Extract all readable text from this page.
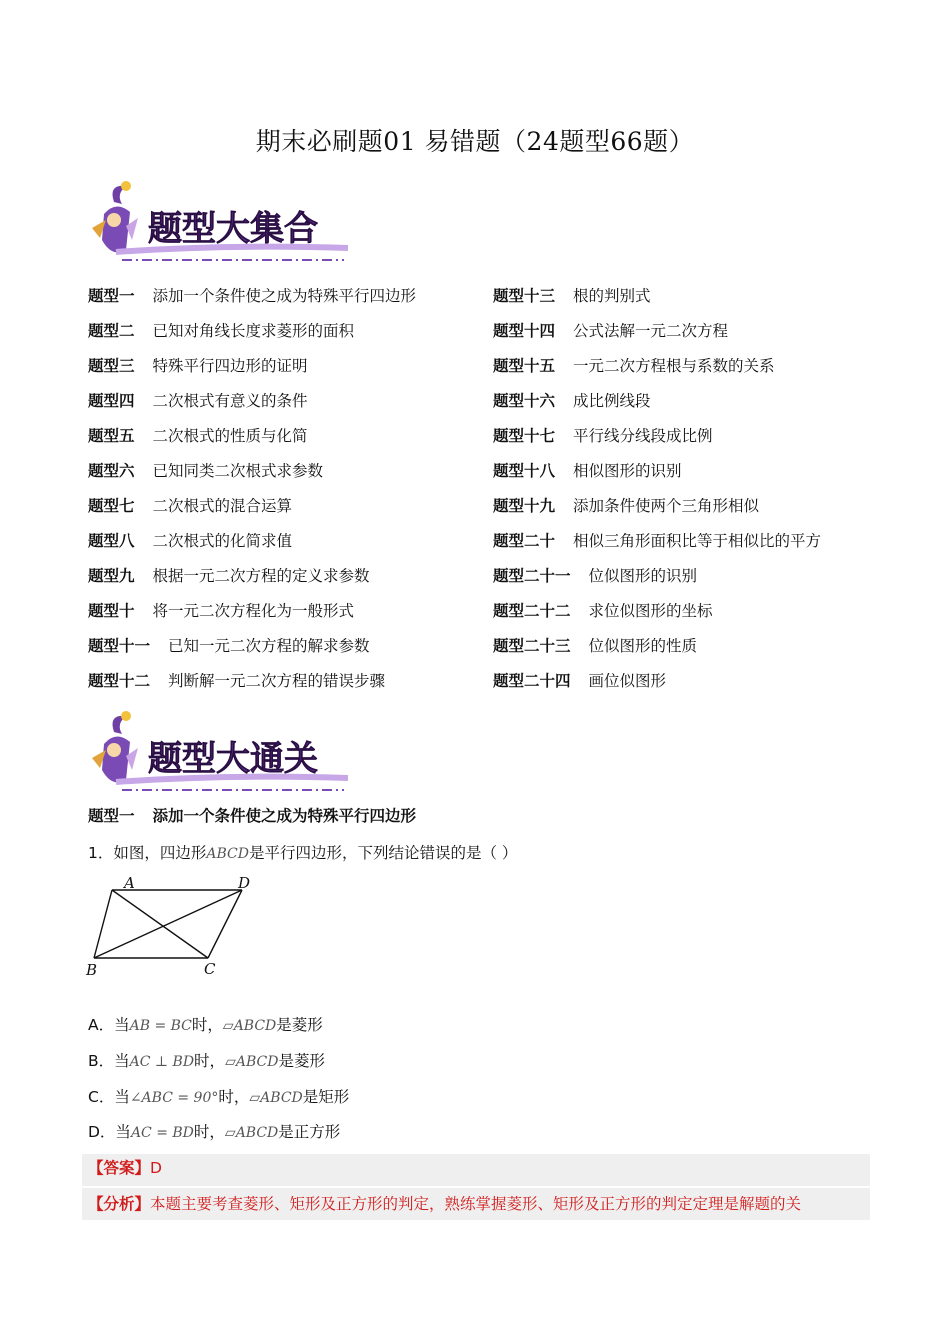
期末必刷题01 易错题（24题型66题）
题型大集合
题型一 添加一个条件使之成为特殊平行四边形
题型二 已知对角线长度求菱形的面积
题型三 特殊平行四边形的证明
题型四 二次根式有意义的条件
题型五 二次根式的性质与化简
题型六 已知同类二次根式求参数
题型七 二次根式的混合运算
题型八 二次根式的化简求值
题型九 根据一元二次方程的定义求参数
题型十 将一元二次方程化为一般形式
题型十一 已知一元二次方程的解求参数
题型十二 判断解一元二次方程的错误步骤
题型十三 根的判别式
题型十四 公式法解一元二次方程
题型十五 一元二次方程根与系数的关系
题型十六 成比例线段
题型十七 平行线分线段成比例
题型十八 相似图形的识别
题型十九 添加条件使两个三角形相似
题型二十 相似三角形面积比等于相似比的平方
题型二十一 位似图形的识别
题型二十二 求位似图形的坐标
题型二十三 位似图形的性质
题型二十四 画位似图形
题型大通关
题型一 添加一个条件使之成为特殊平行四边形
1．如图，四边形ABCD是平行四边形，下列结论错误的是（ ）
A	D
B	C
A．当AB = BC时，▱ABCD是菱形
B．当AC ⊥ BD时，▱ABCD是菱形
C．当∠ABC = 90°时，▱ABCD是矩形
D．当AC = BD时，▱ABCD是正方形
【答案】D
【分析】本题主要考查菱形、矩形及正方形的判定，熟练掌握菱形、矩形及正方形的判定定理是解题的关
